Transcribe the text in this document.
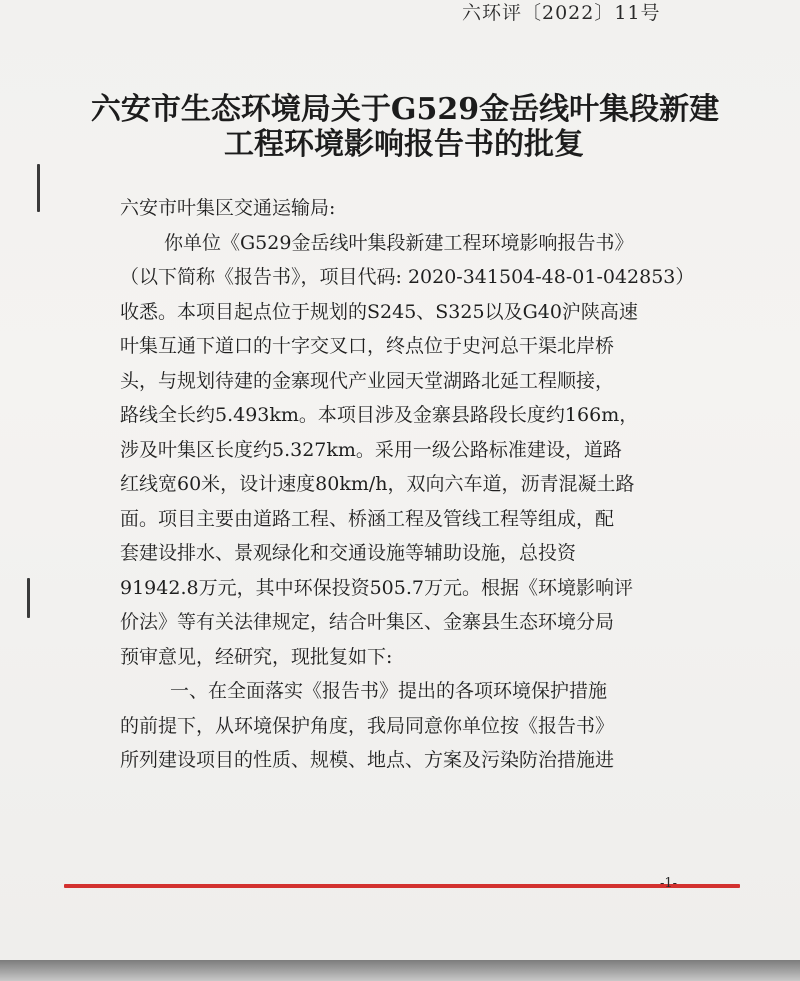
六环评〔2022〕11号
六安市生态环境局关于G529金岳线叶集段新建
工程环境影响报告书的批复
六安市叶集区交通运输局:
你单位《G529金岳线叶集段新建工程环境影响报告书》
（以下简称《报告书》，项目代码: 2020-341504-48-01-042853）
收悉。本项目起点位于规划的S245、S325以及G40沪陕高速
叶集互通下道口的十字交叉口，终点位于史河总干渠北岸桥
头，与规划待建的金寨现代产业园天堂湖路北延工程顺接，
路线全长约5.493km。本项目涉及金寨县路段长度约166m，
涉及叶集区长度约5.327km。采用一级公路标准建设，道路
红线宽60米，设计速度80km/h，双向六车道，沥青混凝土路
面。项目主要由道路工程、桥涵工程及管线工程等组成，配
套建设排水、景观绿化和交通设施等辅助设施，总投资
91942.8万元，其中环保投资505.7万元。根据《环境影响评
价法》等有关法律规定，结合叶集区、金寨县生态环境分局
预审意见，经研究，现批复如下:
一、在全面落实《报告书》提出的各项环境保护措施
的前提下，从环境保护角度，我局同意你单位按《报告书》
所列建设项目的性质、规模、地点、方案及污染防治措施进
-1-
